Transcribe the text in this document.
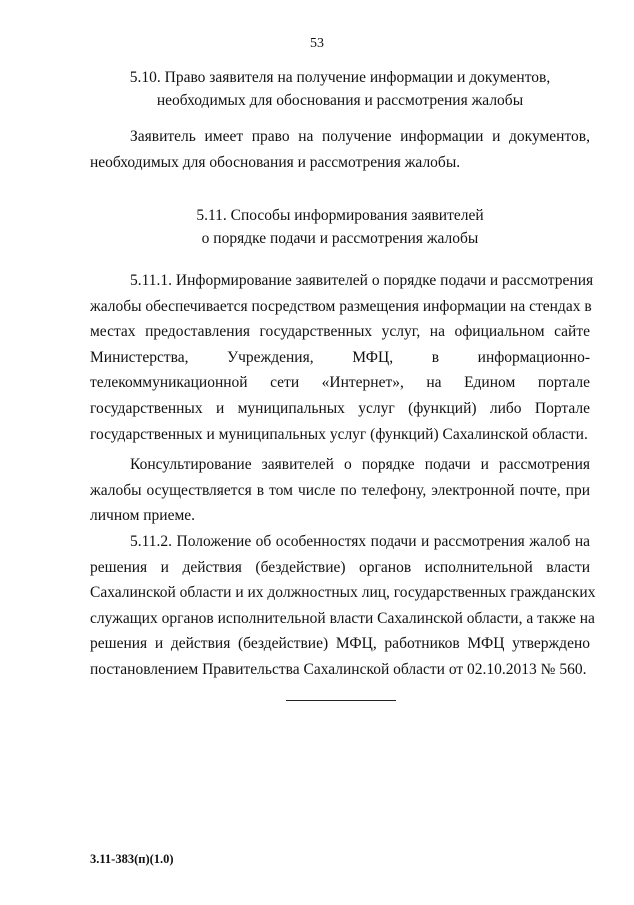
53
5.10. Право заявителя на получение информации и документов,
необходимых для обоснования и рассмотрения жалобы
Заявитель имеет право на получение информации и документов,
необходимых для обоснования и рассмотрения жалобы.
5.11. Способы информирования заявителей
о порядке подачи и рассмотрения жалобы
5.11.1. Информирование заявителей о порядке подачи и рассмотрения
жалобы обеспечивается посредством размещения информации на стендах в
местах предоставления государственных услуг, на официальном сайте
Министерства, Учреждения, МФЦ, в информационно-
телекоммуникационной сети «Интернет», на Едином портале
государственных и муниципальных услуг (функций) либо Портале
государственных и муниципальных услуг (функций) Сахалинской области.
Консультирование заявителей о порядке подачи и рассмотрения
жалобы осуществляется в том числе по телефону, электронной почте, при
личном приеме.
5.11.2. Положение об особенностях подачи и рассмотрения жалоб на
решения и действия (бездействие) органов исполнительной власти
Сахалинской области и их должностных лиц, государственных гражданских
служащих органов исполнительной власти Сахалинской области, а также на
решения и действия (бездействие) МФЦ, работников МФЦ утверждено
постановлением Правительства Сахалинской области от 02.10.2013 № 560.
3.11-383(п)(1.0)
